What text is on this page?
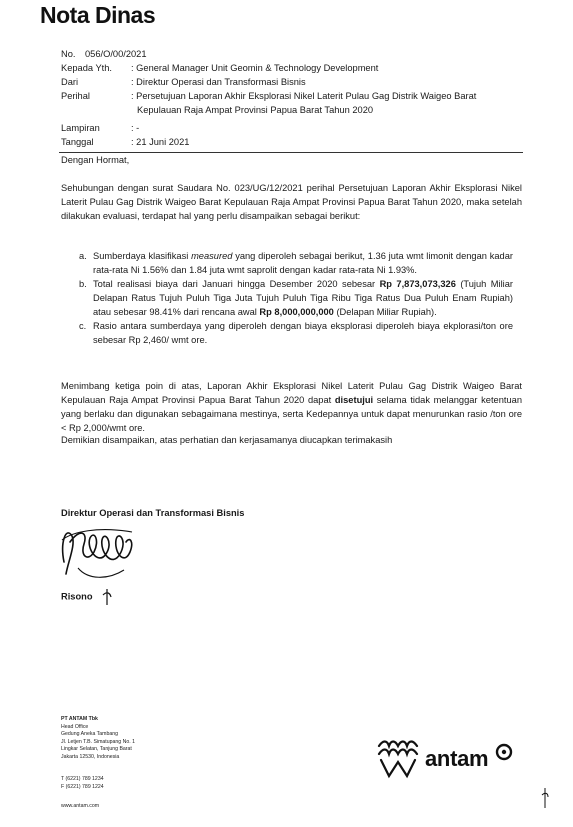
Nota Dinas
No.	056/O/00/2021
Kepada Yth.	: General Manager Unit Geomin & Technology Development
Dari	: Direktur Operasi dan Transformasi Bisnis
Perihal	: Persetujuan Laporan Akhir Eksplorasi Nikel Laterit Pulau Gag Distrik Waigeo Barat Kepulauan Raja Ampat Provinsi Papua Barat Tahun 2020
Lampiran	: -
Tanggal	: 21 Juni 2021
Dengan Hormat,
Sehubungan dengan surat Saudara No. 023/UG/12/2021 perihal Persetujuan Laporan Akhir Eksplorasi Nikel Laterit Pulau Gag Distrik Waigeo Barat Kepulauan Raja Ampat Provinsi Papua Barat Tahun 2020, maka setelah dilakukan evaluasi, terdapat hal yang perlu disampaikan sebagai berikut:
a. Sumberdaya klasifikasi measured yang diperoleh sebagai berikut, 1.36 juta wmt limonit dengan kadar rata-rata Ni 1.56% dan 1.84 juta wmt saprolit dengan kadar rata-rata Ni 1.93%.
b. Total realisasi biaya dari Januari hingga Desember 2020 sebesar Rp 7,873,073,326 (Tujuh Miliar Delapan Ratus Tujuh Puluh Tiga Juta Tujuh Puluh Tiga Ribu Tiga Ratus Dua Puluh Enam Rupiah) atau sebesar 98.41% dari rencana awal Rp 8,000,000,000 (Delapan Miliar Rupiah).
c. Rasio antara sumberdaya yang diperoleh dengan biaya eksplorasi diperoleh biaya ekplorasi/ton ore sebesar Rp 2,460/ wmt ore.
Menimbang ketiga poin di atas, Laporan Akhir Eksplorasi Nikel Laterit Pulau Gag Distrik Waigeo Barat Kepulauan Raja Ampat Provinsi Papua Barat Tahun 2020 dapat disetujui selama tidak melanggar ketentuan yang berlaku dan digunakan sebagaimana mestinya, serta Kedepannya untuk dapat menurunkan rasio /ton ore < Rp 2,000/wmt ore.
Demikian disampaikan, atas perhatian dan kerjasamanya diucapkan terimakasih
Direktur Operasi dan Transformasi Bisnis
Risono
PT ANTAM Tbk
Head Office
Gedung Aneka Tambang
Jl. Letjen T.B. Simatupang No. 1
Lingkar Selatan, Tanjung Barat
Jakarta 12530, Indonesia
T (6221) 789 1234
F (6221) 789 1224
www.antam.com
antam
